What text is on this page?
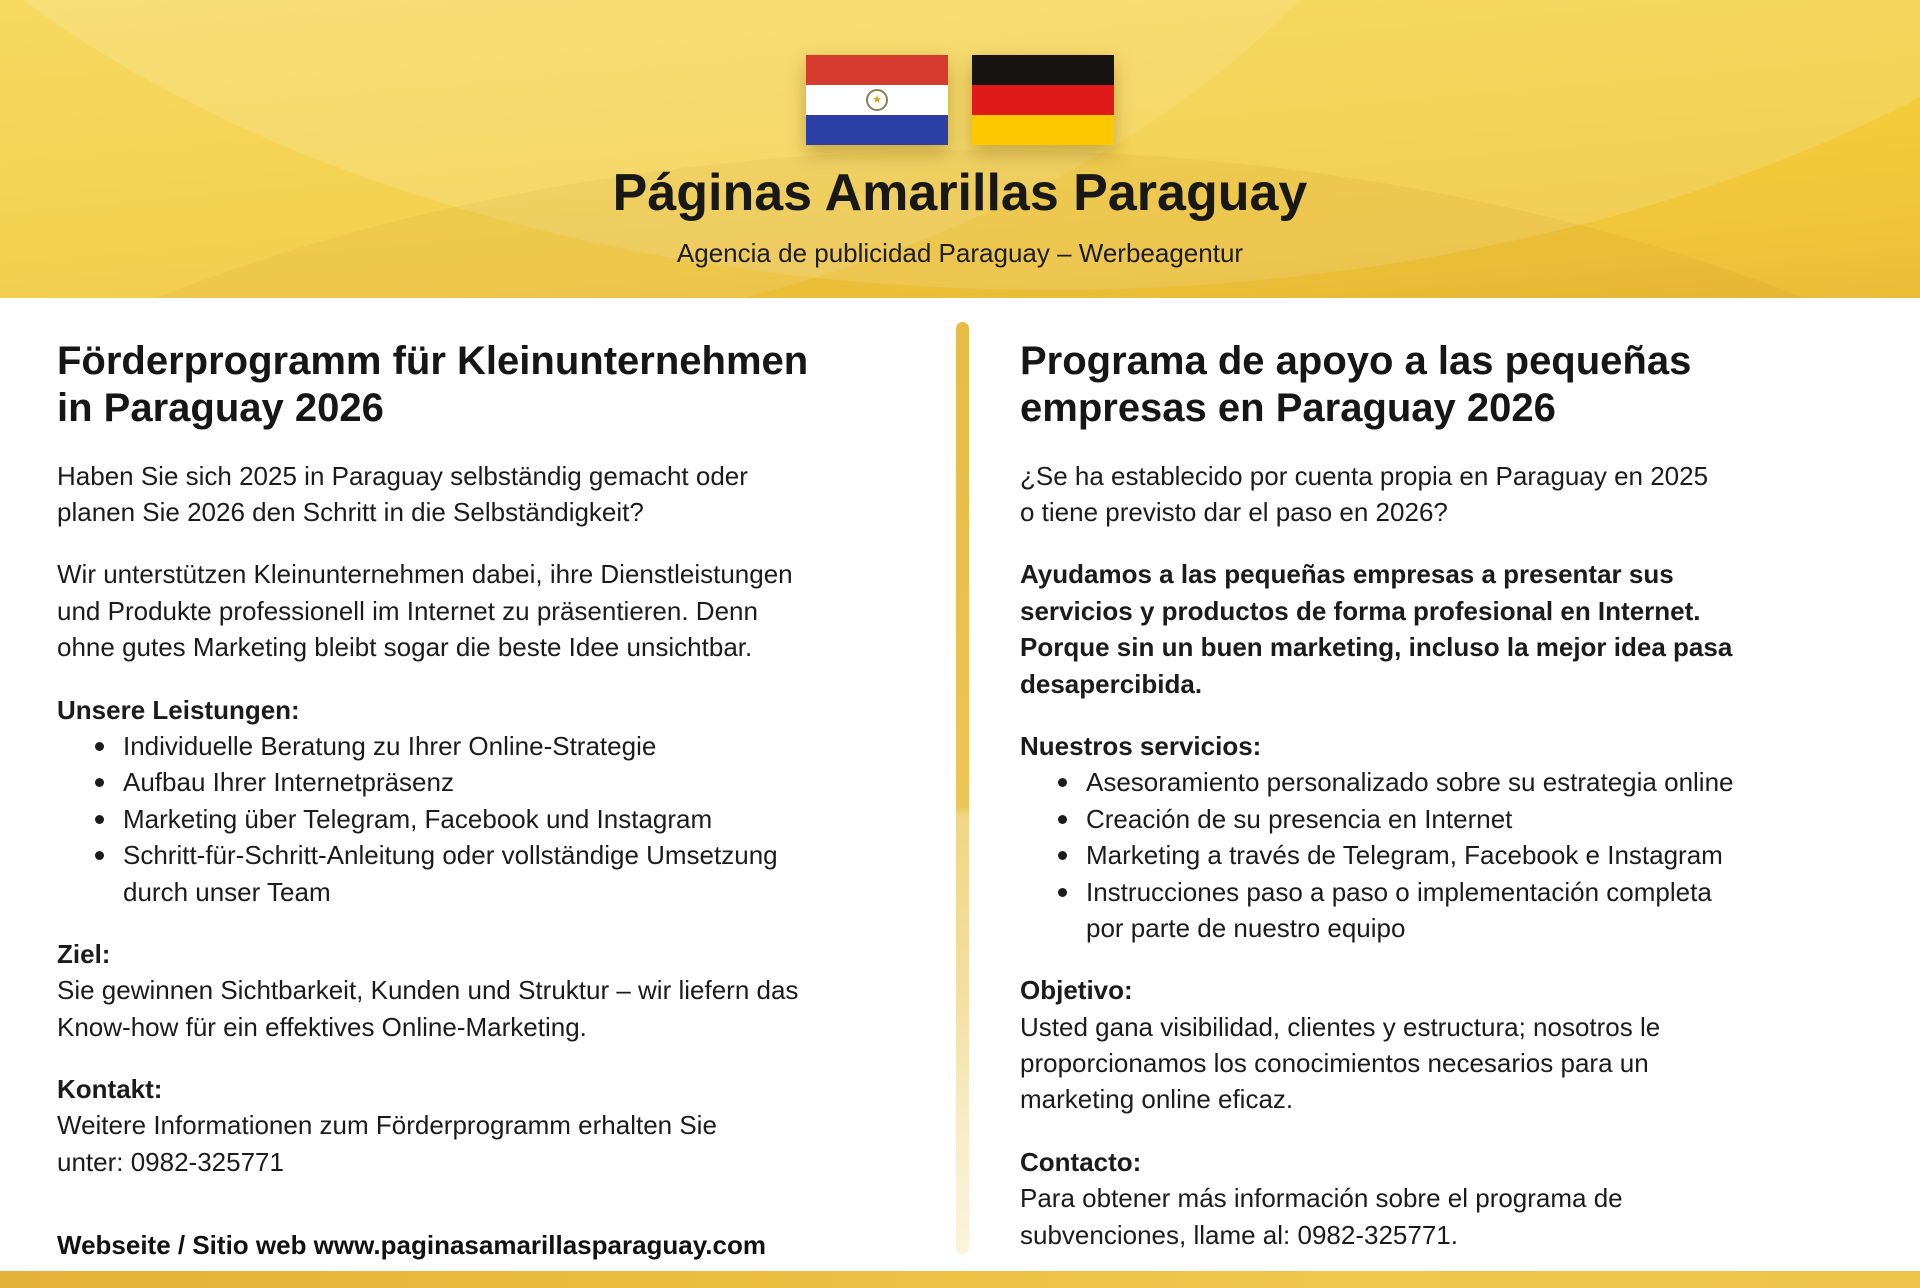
★
Páginas Amarillas Paraguay
Agencia de publicidad Paraguay – Werbeagentur
Förderprogramm für Kleinunternehmen in Paraguay 2026

Haben Sie sich 2025 in Paraguay selbständig gemacht oder planen Sie 2026 den Schritt in die Selbständigkeit?

Wir unterstützen Kleinunternehmen dabei, ihre Dienstleistungen und Produkte professionell im Internet zu präsentieren. Denn ohne gutes Marketing bleibt sogar die beste Idee unsichtbar.

Unsere Leistungen:

Individuelle Beratung zu Ihrer Online-Strategie
Aufbau Ihrer Internetpräsenz
Marketing über Telegram, Facebook und Instagram
Schritt-für-Schritt-Anleitung oder vollständige Umsetzung durch unser Team

Ziel:

Sie gewinnen Sichtbarkeit, Kunden und Struktur – wir liefern das Know-how für ein effektives Online-Marketing.

Kontakt:

Weitere Informationen zum Förderprogramm erhalten Sie unter: 0982-325771

Programa de apoyo a las pequeñas empresas en Paraguay 2026

¿Se ha establecido por cuenta propia en Paraguay en 2025 o tiene previsto dar el paso en 2026?

Ayudamos a las pequeñas empresas a presentar sus servicios y productos de forma profesional en Internet. Porque sin un buen marketing, incluso la mejor idea pasa desapercibida.

Nuestros servicios:

Asesoramiento personalizado sobre su estrategia online
Creación de su presencia en Internet
Marketing a través de Telegram, Facebook e Instagram
Instrucciones paso a paso o implementación completa por parte de nuestro equipo

Objetivo:

Usted gana visibilidad, clientes y estructura; nosotros le proporcionamos los conocimientos necesarios para un marketing online eficaz.

Contacto:

Para obtener más información sobre el programa de subvenciones, llame al: 0982-325771.

Webseite / Sitio web www.paginasamarillasparaguay.com
